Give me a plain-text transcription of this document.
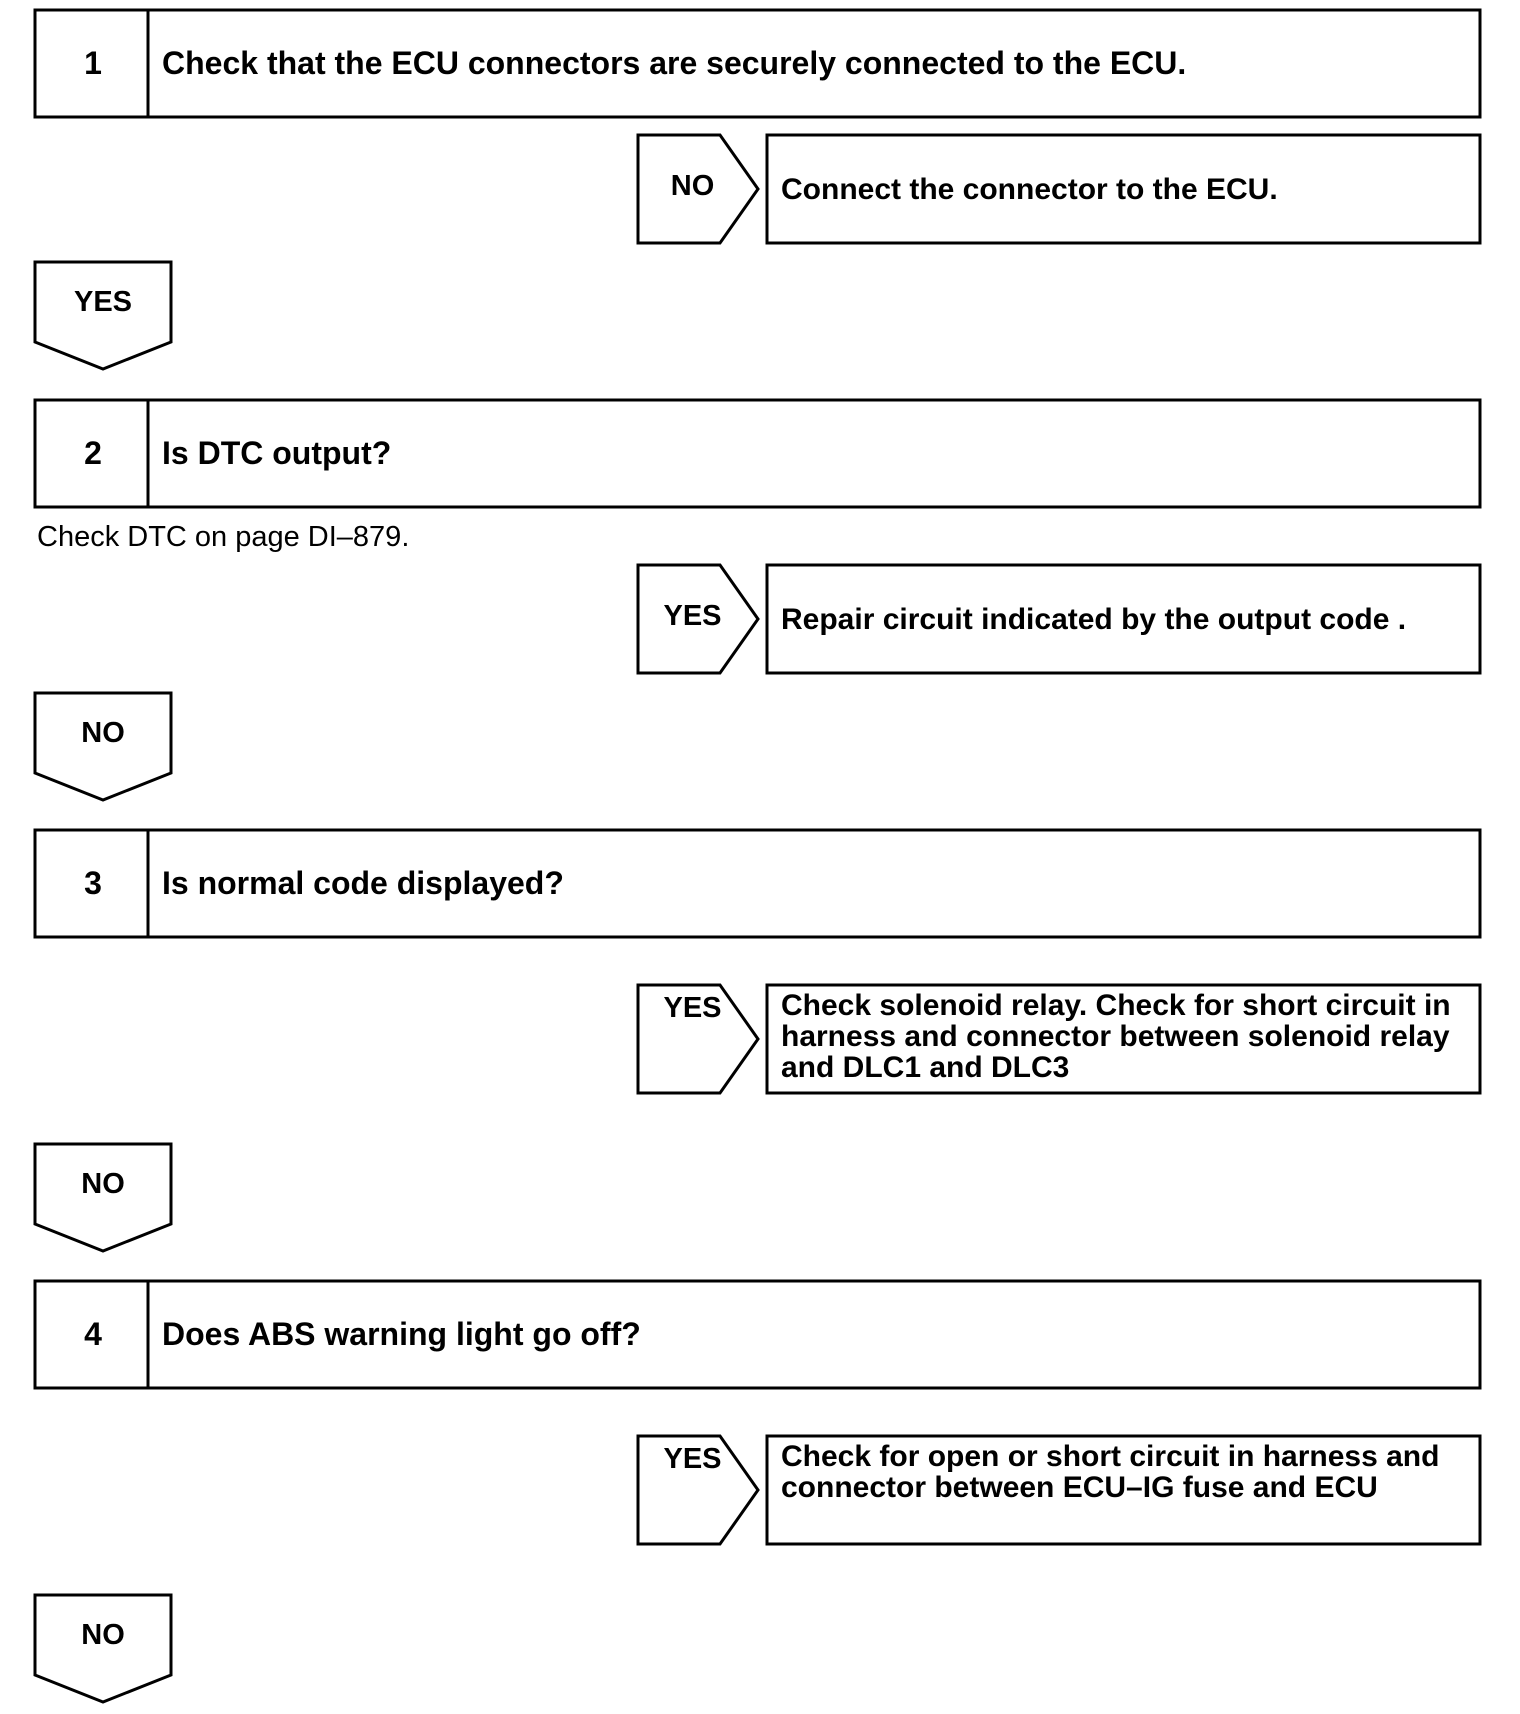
1	Check that the ECU connectors are securely connected to the ECU.
NO	Connect the connector to the ECU.
YES
2	Is DTC output?
Check DTC on page DI–879.
YES	Repair circuit indicated by the output code .
NO
3	Is normal code displayed?
YES	Check solenoid relay. Check for short circuit in harness and connector between solenoid relay and DLC1 and DLC3
NO
4	Does ABS warning light go off?
YES	Check for open or short circuit in harness and connector between ECU–IG fuse and ECU
NO
